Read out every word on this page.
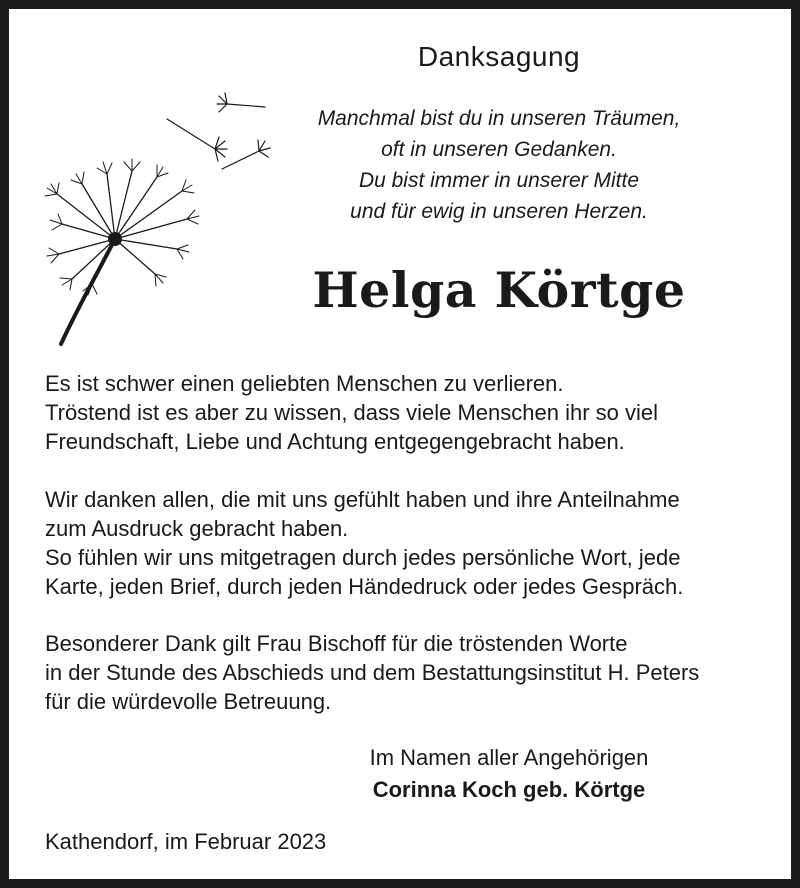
Danksagung
Manchmal bist du in unseren Träumen,
oft in unseren Gedanken.
Du bist immer in unserer Mitte
und für ewig in unseren Herzen.
Helga Körtge
Es ist schwer einen geliebten Menschen zu verlieren.
Tröstend ist es aber zu wissen, dass viele Menschen ihr so viel
Freundschaft, Liebe und Achtung entgegengebracht haben.
Wir danken allen, die mit uns gefühlt haben und ihre Anteilnahme
zum Ausdruck gebracht haben.
So fühlen wir uns mitgetragen durch jedes persönliche Wort, jede
Karte, jeden Brief, durch jeden Händedruck oder jedes Gespräch.
Besonderer Dank gilt Frau Bischoff für die tröstenden Worte
in der Stunde des Abschieds und dem Bestattungsinstitut H. Peters
für die würdevolle Betreuung.
Im Namen aller Angehörigen
Corinna Koch geb. Körtge
Kathendorf, im Februar 2023
